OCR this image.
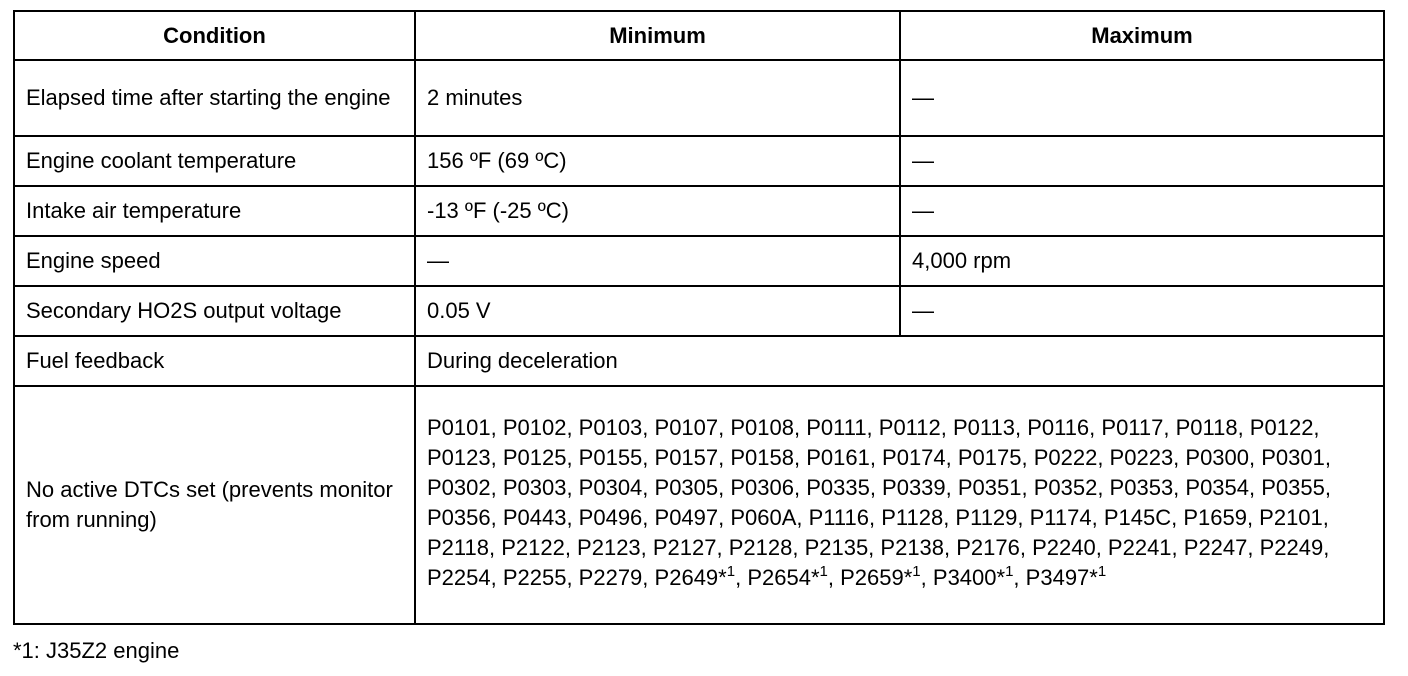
Condition	Minimum	Maximum
Elapsed time after starting the engine	2 minutes	—
Engine coolant temperature	156 ºF (69 ºC)	—
Intake air temperature	-13 ºF (-25 ºC)	—
Engine speed	—	4,000 rpm
Secondary HO2S output voltage	0.05 V	—
Fuel feedback	During deceleration	
No active DTCs set (prevents monitor from running)	P0101, P0102, P0103, P0107, P0108, P0111, P0112, P0113, P0116, P0117, P0118, P0122, P0123, P0125, P0155, P0157, P0158, P0161, P0174, P0175, P0222, P0223, P0300, P0301, P0302, P0303, P0304, P0305, P0306, P0335, P0339, P0351, P0352, P0353, P0354, P0355, P0356, P0443, P0496, P0497, P060A, P1116, P1128, P1129, P1174, P145C, P1659, P2101, P2118, P2122, P2123, P2127, P2128, P2135, P2138, P2176, P2240, P2241, P2247, P2249, P2254, P2255, P2279, P2649*$^1$, P2654*$^1$, P2659*$^1$, P3400*$^1$, P3497*$^1$
*1: J35Z2 engine
